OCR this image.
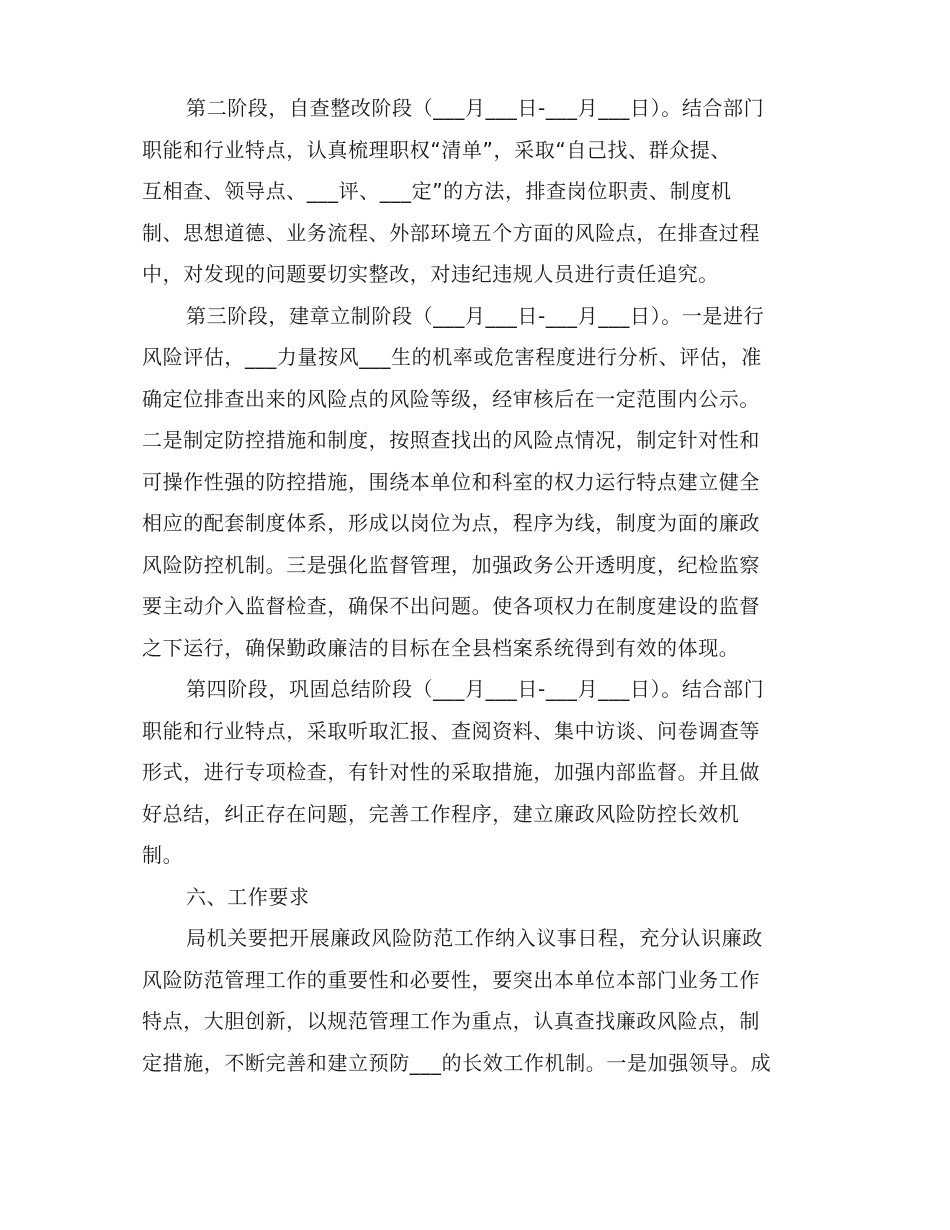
第二阶段，自查整改阶段（___月___日-___月___日）。结合部门
职能和行业特点，认真梳理职权“清单”，采取“自己找、群众提、
互相查、领导点、___评、___定”的方法，排查岗位职责、制度机
制、思想道德、业务流程、外部环境五个方面的风险点，在排查过程
中，对发现的问题要切实整改，对违纪违规人员进行责任追究。
第三阶段，建章立制阶段（___月___日-___月___日）。一是进行
风险评估，___力量按风___生的机率或危害程度进行分析、评估，准
确定位排查出来的风险点的风险等级，经审核后在一定范围内公示。
二是制定防控措施和制度，按照查找出的风险点情况，制定针对性和
可操作性强的防控措施，围绕本单位和科室的权力运行特点建立健全
相应的配套制度体系，形成以岗位为点，程序为线，制度为面的廉政
风险防控机制。三是强化监督管理，加强政务公开透明度，纪检监察
要主动介入监督检查，确保不出问题。使各项权力在制度建设的监督
之下运行，确保勤政廉洁的目标在全县档案系统得到有效的体现。
第四阶段，巩固总结阶段（___月___日-___月___日）。结合部门
职能和行业特点，采取听取汇报、查阅资料、集中访谈、问卷调查等
形式，进行专项检查，有针对性的采取措施，加强内部监督。并且做
好总结，纠正存在问题，完善工作程序，建立廉政风险防控长效机
制。
六、工作要求
局机关要把开展廉政风险防范工作纳入议事日程，充分认识廉政
风险防范管理工作的重要性和必要性，要突出本单位本部门业务工作
特点，大胆创新，以规范管理工作为重点，认真查找廉政风险点，制
定措施，不断完善和建立预防___的长效工作机制。一是加强领导。成
